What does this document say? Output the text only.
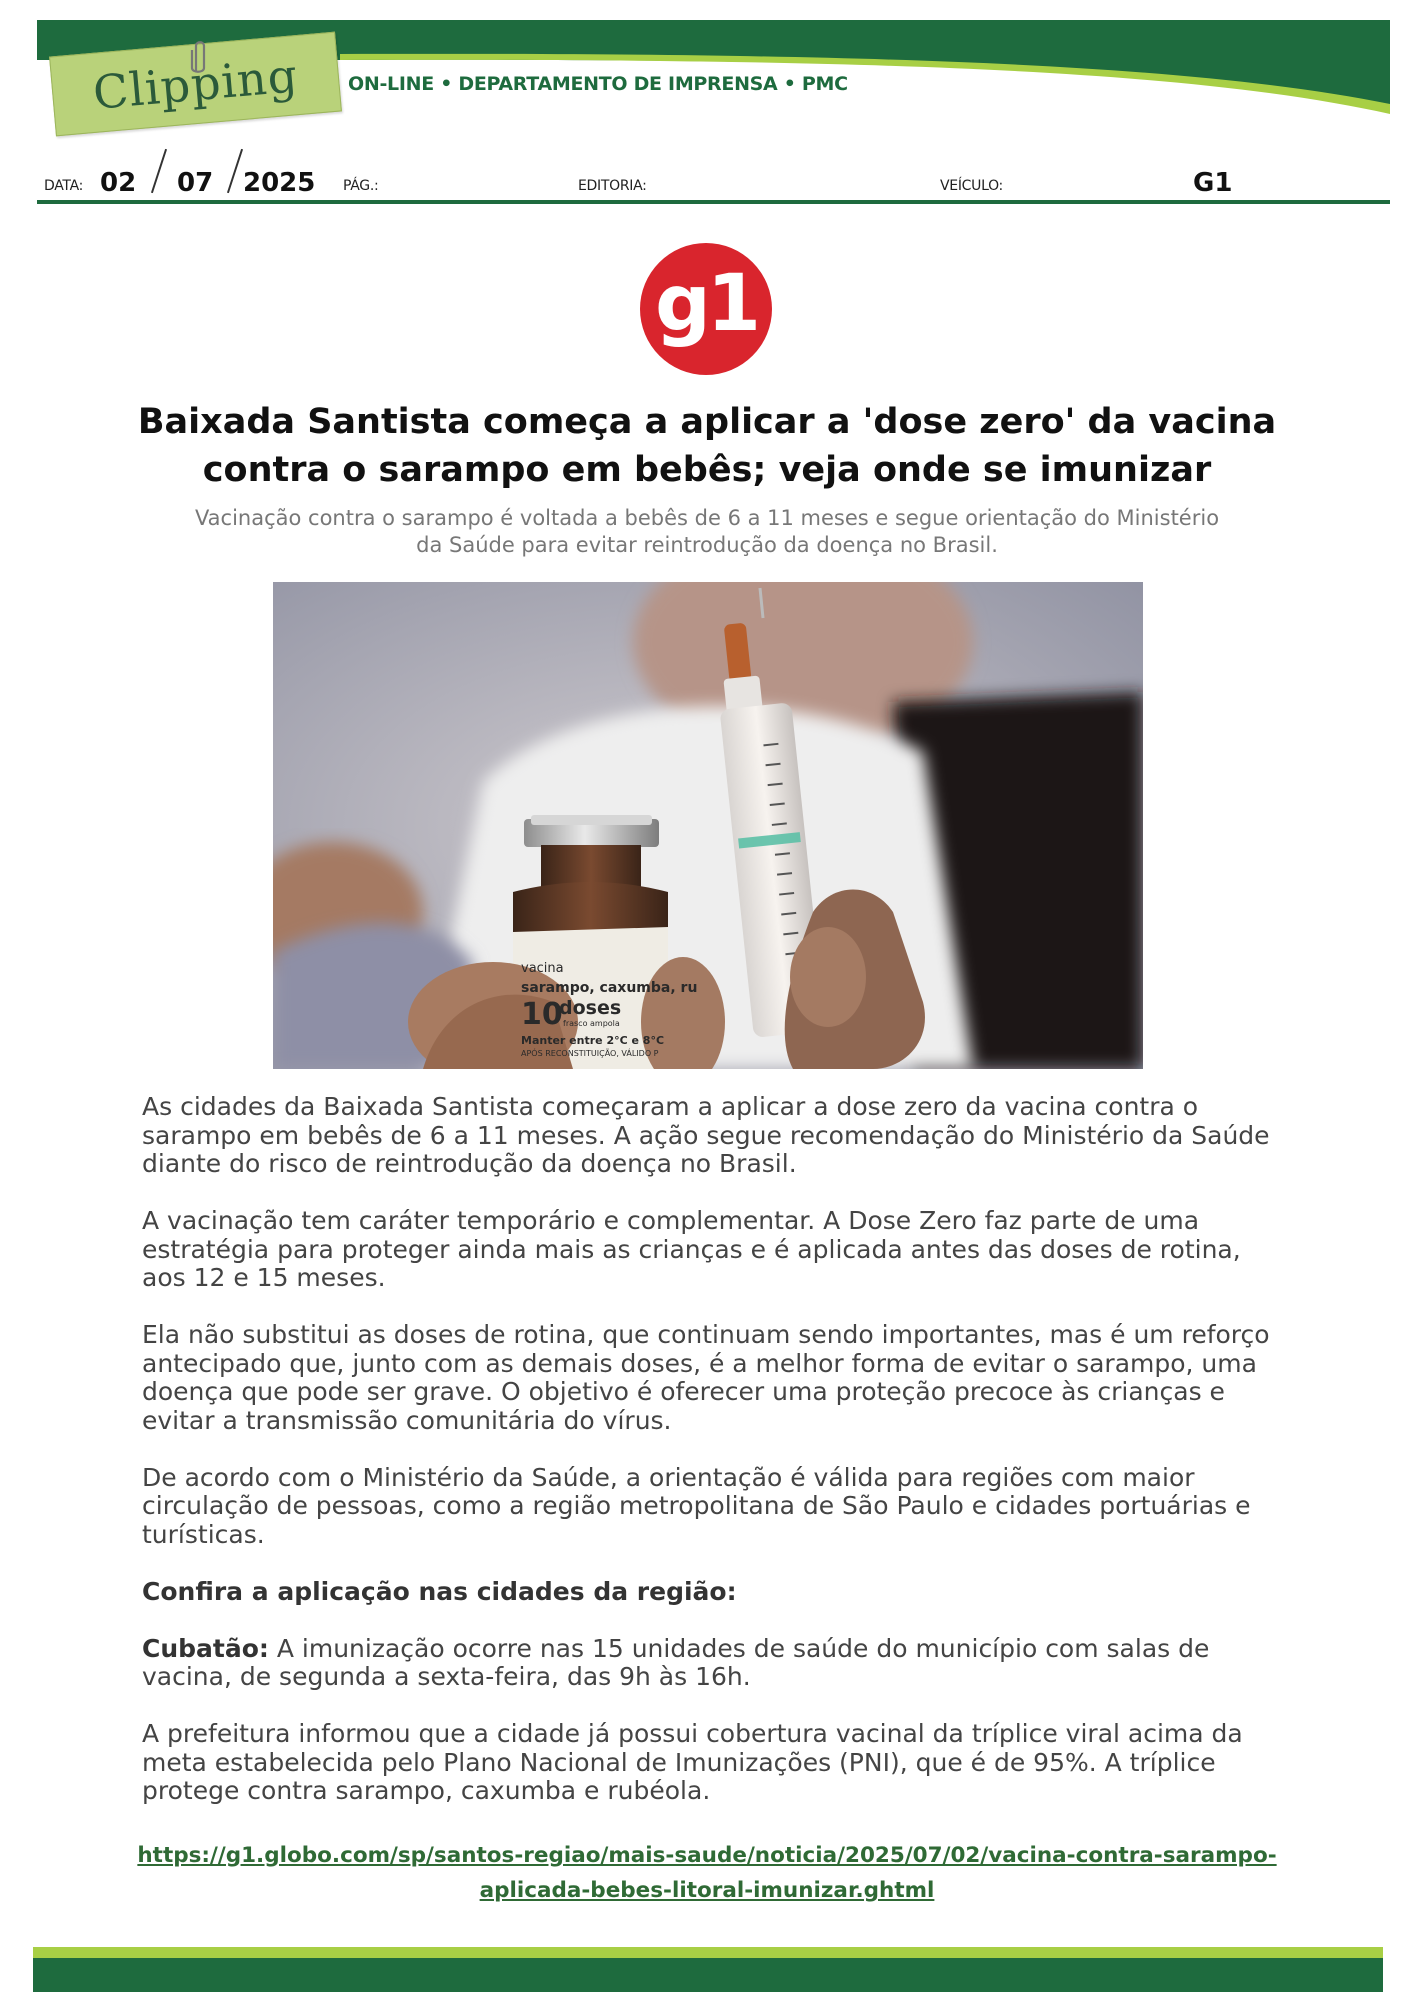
Clipping	ON-LINE • DEPARTAMENTO DE IMPRENSA • PMC
DATA: 02 07 2025 PÁG.:	EDITORIA:	VEÍCULO:	G1
g1
Baixada Santista começa a aplicar a 'dose zero' da vacina
contra o sarampo em bebês; veja onde se imunizar
Vacinação contra o sarampo é voltada a bebês de 6 a 11 meses e segue orientação do Ministério
da Saúde para evitar reintrodução da doença no Brasil.
vacina
sarampo, caxumba, ru
10
doses
frasco ampola
Manter entre 2°C e 8°C
APÓS RECONSTITUIÇÃO, VÁLIDO P

As cidades da Baixada Santista começaram a aplicar a dose zero da vacina contra o sarampo em bebês de 6 a 11 meses. A ação segue recomendação do Ministério da Saúde diante do risco de reintrodução da doença no Brasil.

A vacinação tem caráter temporário e complementar. A Dose Zero faz parte de uma estratégia para proteger ainda mais as crianças e é aplicada antes das doses de rotina, aos 12 e 15 meses.

Ela não substitui as doses de rotina, que continuam sendo importantes, mas é um reforço antecipado que, junto com as demais doses, é a melhor forma de evitar o sarampo, uma doença que pode ser grave. O objetivo é oferecer uma proteção precoce às crianças e evitar a transmissão comunitária do vírus.

De acordo com o Ministério da Saúde, a orientação é válida para regiões com maior circulação de pessoas, como a região metropolitana de São Paulo e cidades portuárias e turísticas.

Confira a aplicação nas cidades da região:

Cubatão: A imunização ocorre nas 15 unidades de saúde do município com salas de vacina, de segunda a sexta-feira, das 9h às 16h.

A prefeitura informou que a cidade já possui cobertura vacinal da tríplice viral acima da meta estabelecida pelo Plano Nacional de Imunizações (PNI), que é de 95%. A tríplice protege contra sarampo, caxumba e rubéola.

https://g1.globo.com/sp/santos-regiao/mais-saude/noticia/2025/07/02/vacina-contra-sarampo-
aplicada-bebes-litoral-imunizar.ghtml
